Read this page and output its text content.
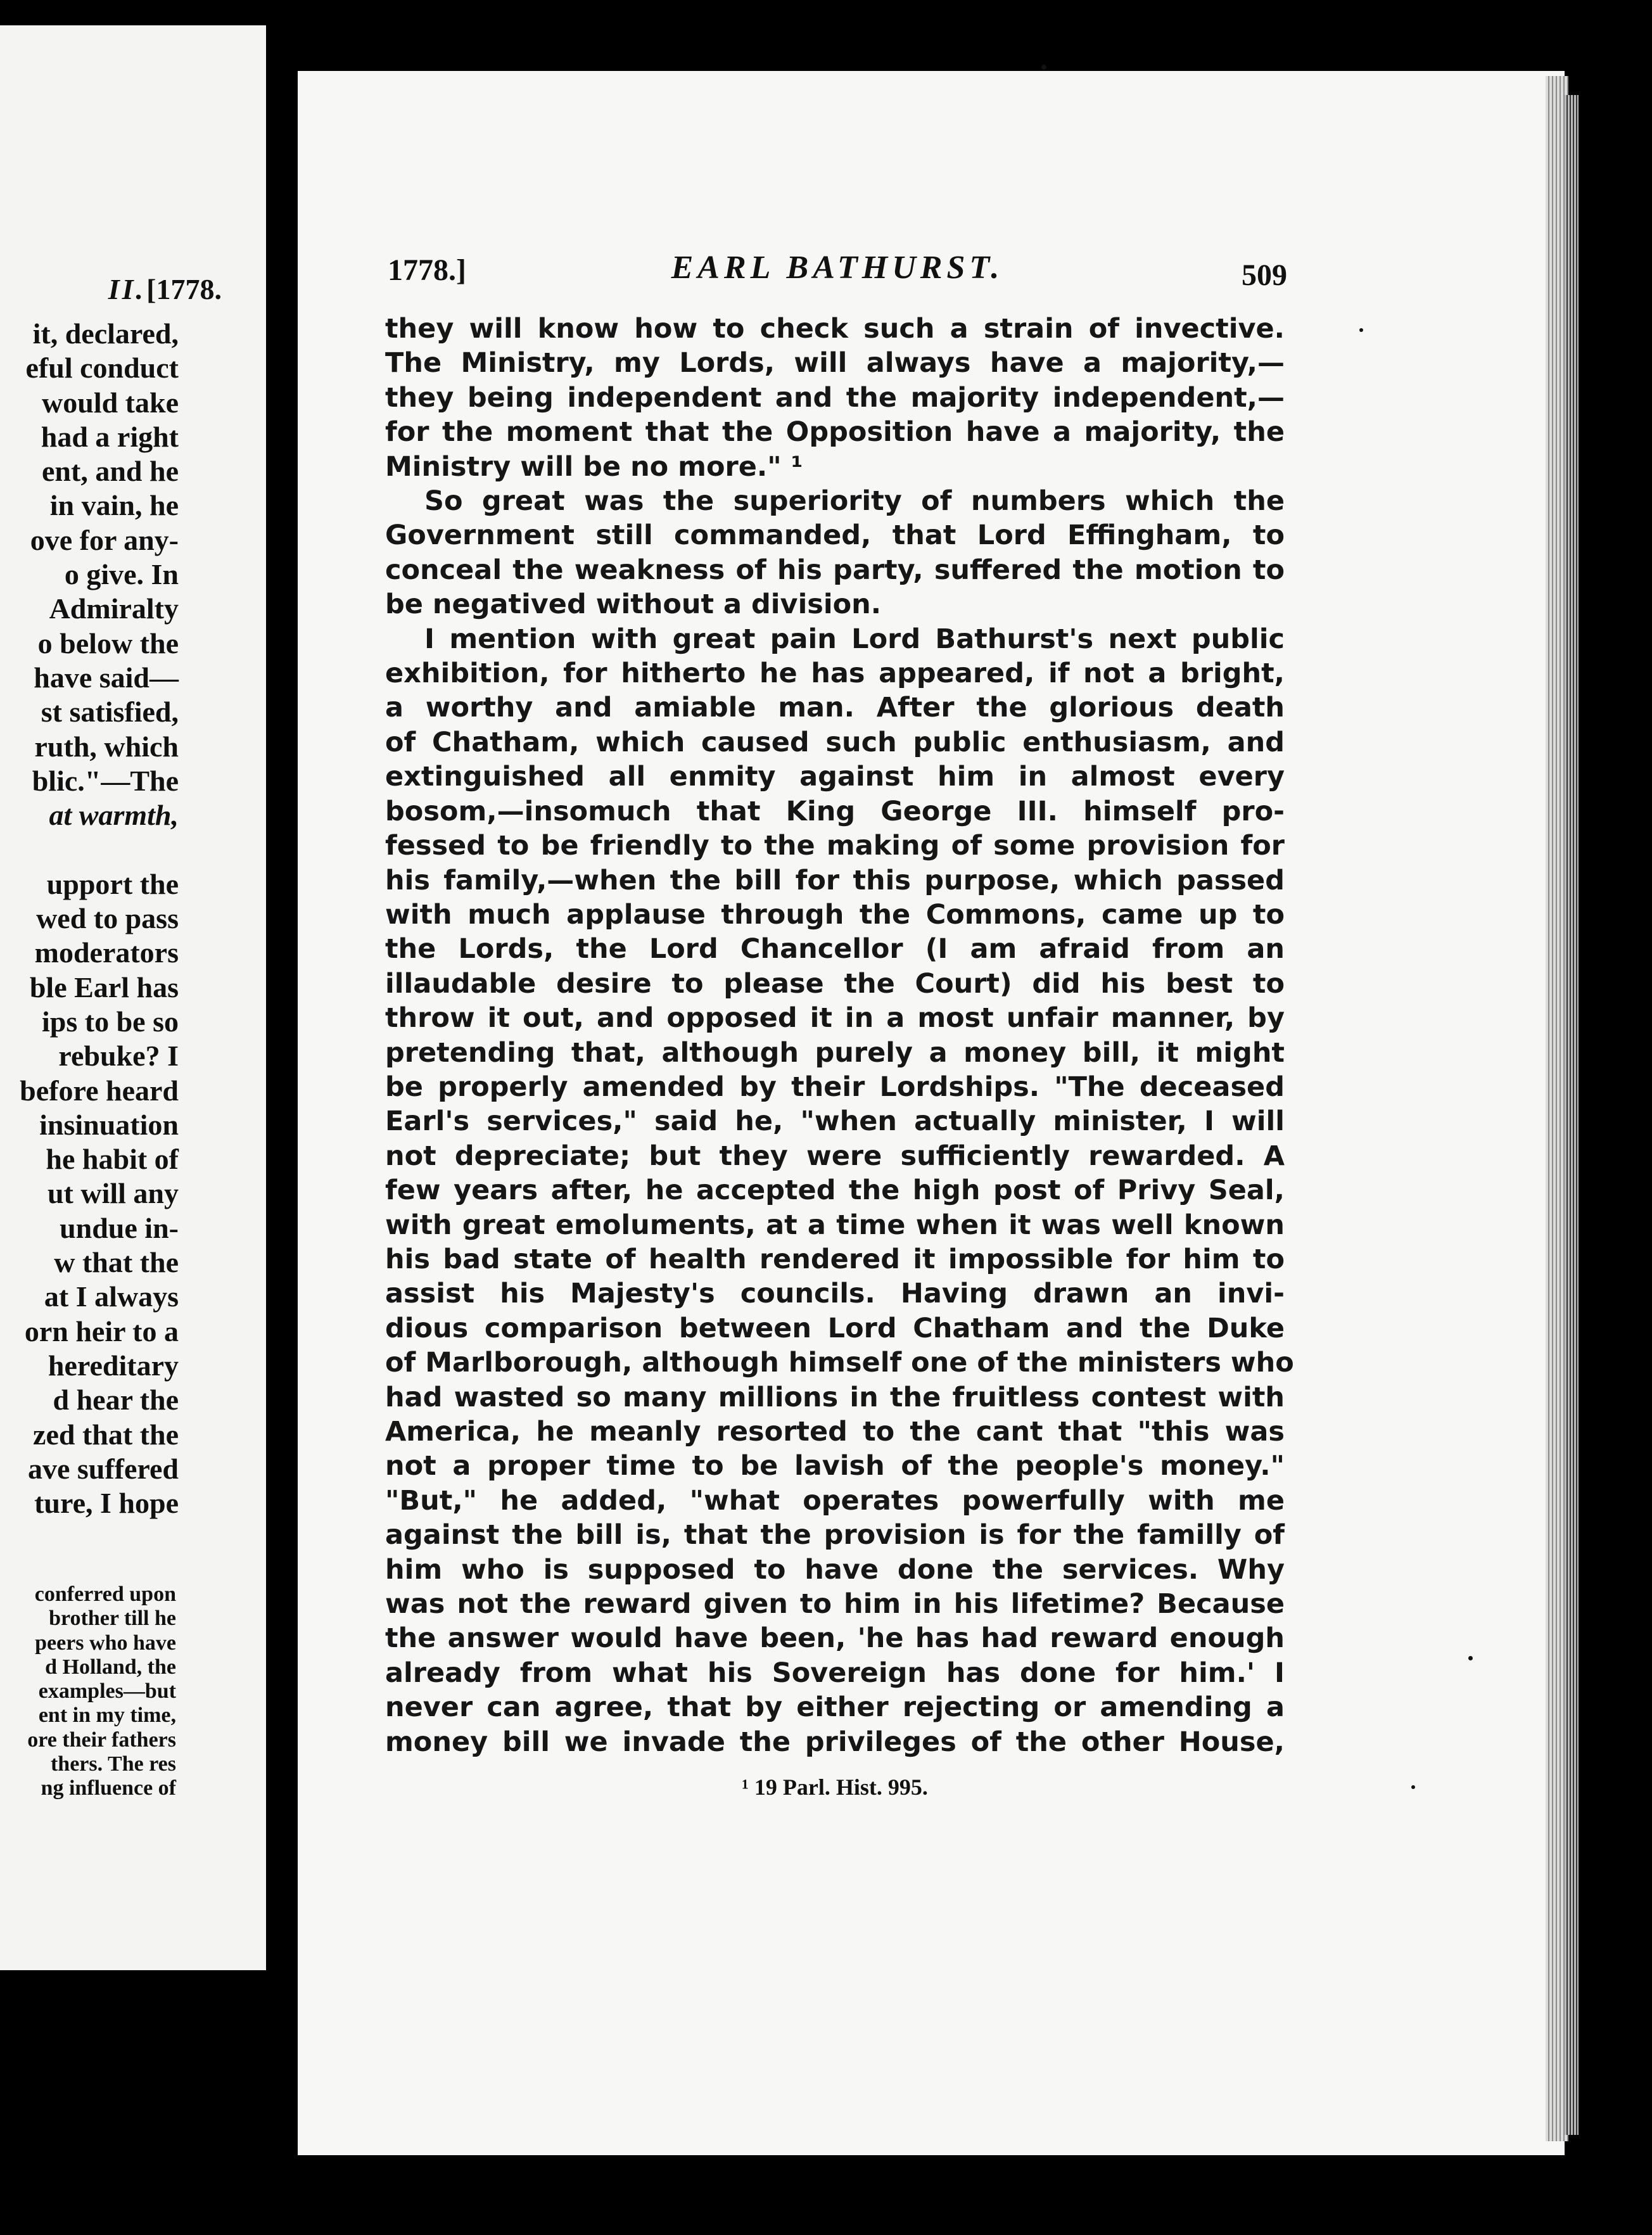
II. [1778.
it, declared,
eful conduct
would take
had a right
ent, and he
in vain, he
ove for any-
o give. In
Admiralty
o below the
have said—
st satisfied,
ruth, which
blic."—The
at warmth,

upport the
wed to pass
moderators
ble Earl has
ips to be so
rebuke? I
before heard
insinuation
he habit of
ut will any
undue in-
w that the
at I always
orn heir to a
hereditary
d hear the
zed that the
ave suffered
ture, I hope
conferred upon
brother till he
peers who have
d Holland, the
examples—but
ent in my time,
ore their fathers
thers. The res
ng influence of
1778.]	EARL BATHURST.	509
they will know how to check such a strain of invective.
The Ministry, my Lords, will always have a majority,—
they being independent and the majority independent,—
for the moment that the Opposition have a majority, the
Ministry will be no more." ¹
So great was the superiority of numbers which the
Government still commanded, that Lord Effingham, to
conceal the weakness of his party, suffered the motion to
be negatived without a division.
I mention with great pain Lord Bathurst's next public
exhibition, for hitherto he has appeared, if not a bright,
a worthy and amiable man. After the glorious death
of Chatham, which caused such public enthusiasm, and
extinguished all enmity against him in almost every
bosom,—insomuch that King George III. himself pro-
fessed to be friendly to the making of some provision for
his family,—when the bill for this purpose, which passed
with much applause through the Commons, came up to
the Lords, the Lord Chancellor (I am afraid from an
illaudable desire to please the Court) did his best to
throw it out, and opposed it in a most unfair manner, by
pretending that, although purely a money bill, it might
be properly amended by their Lordships. "The deceased
Earl's services," said he, "when actually minister, I will
not depreciate; but they were sufficiently rewarded. A
few years after, he accepted the high post of Privy Seal,
with great emoluments, at a time when it was well known
his bad state of health rendered it impossible for him to
assist his Majesty's councils. Having drawn an invi-
dious comparison between Lord Chatham and the Duke
of Marlborough, although himself one of the ministers who
had wasted so many millions in the fruitless contest with
America, he meanly resorted to the cant that "this was
not a proper time to be lavish of the people's money."
"But," he added, "what operates powerfully with me
against the bill is, that the provision is for the familly of
him who is supposed to have done the services. Why
was not the reward given to him in his lifetime? Because
the answer would have been, 'he has had reward enough
already from what his Sovereign has done for him.' I
never can agree, that by either rejecting or amending a
money bill we invade the privileges of the other House,
¹ 19 Parl. Hist. 995.
